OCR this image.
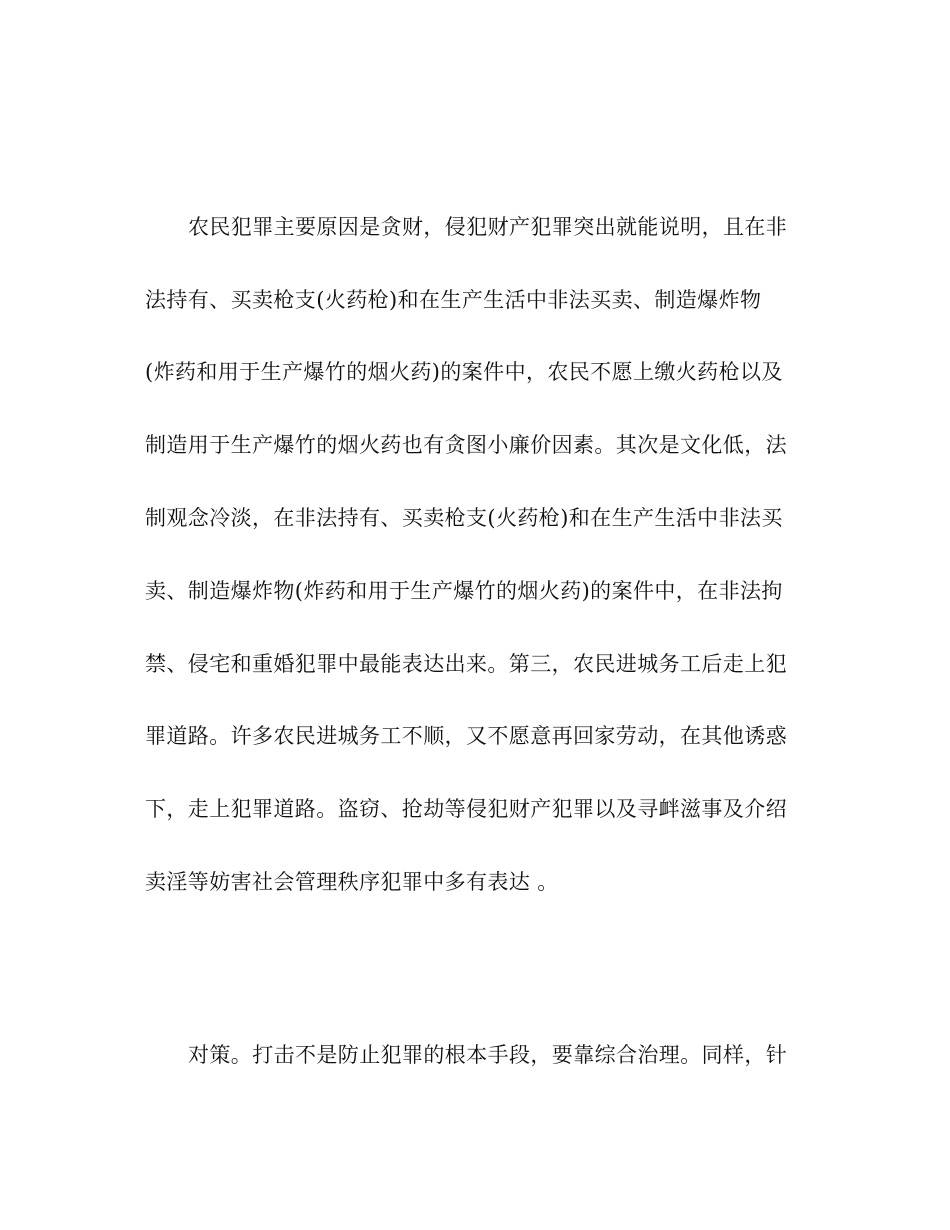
农民犯罪主要原因是贪财，侵犯财产犯罪突出就能说明，且在非
法持有、买卖枪支(火药枪)和在生产生活中非法买卖、制造爆炸物
(炸药和用于生产爆竹的烟火药)的案件中，农民不愿上缴火药枪以及
制造用于生产爆竹的烟火药也有贪图小廉价因素。其次是文化低，法
制观念冷淡，在非法持有、买卖枪支(火药枪)和在生产生活中非法买
卖、制造爆炸物(炸药和用于生产爆竹的烟火药)的案件中，在非法拘
禁、侵宅和重婚犯罪中最能表达出来。第三，农民进城务工后走上犯
罪道路。许多农民进城务工不顺，又不愿意再回家劳动，在其他诱惑
下，走上犯罪道路。盗窃、抢劫等侵犯财产犯罪以及寻衅滋事及介绍
卖淫等妨害社会管理秩序犯罪中多有表达 。
对策。打击不是防止犯罪的根本手段，要靠综合治理。同样，针
